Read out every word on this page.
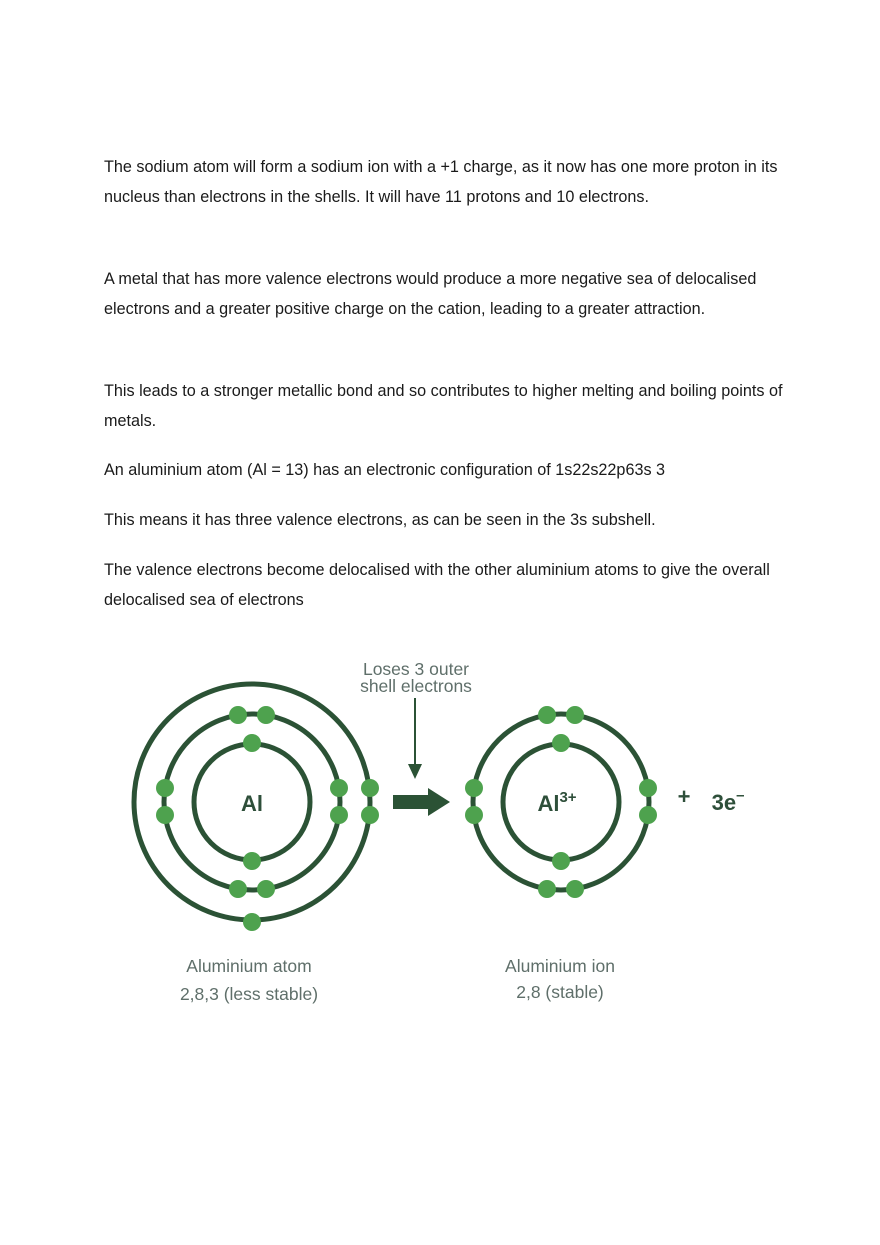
The sodium atom will form a sodium ion with a +1 charge, as it now has one more proton in its nucleus than electrons in the shells. It will have 11 protons and 10 electrons.

A metal that has more valence electrons would produce a more negative sea of delocalised electrons and a greater positive charge on the cation, leading to a greater attraction.

This leads to a stronger metallic bond and so contributes to higher melting and boiling points of metals.

An aluminium atom (Al = 13) has an electronic configuration of 1s22s22p63s 3

This means it has three valence electrons, as can be seen in the 3s subshell.

The valence electrons become delocalised with the other aluminium atoms to give the overall delocalised sea of electrons

Al
Loses 3 outer
shell electrons
$Al^{3+}$	+ 3e–
Aluminium atom
2,8,3 (less stable)
Aluminium ion
2,8 (stable)
